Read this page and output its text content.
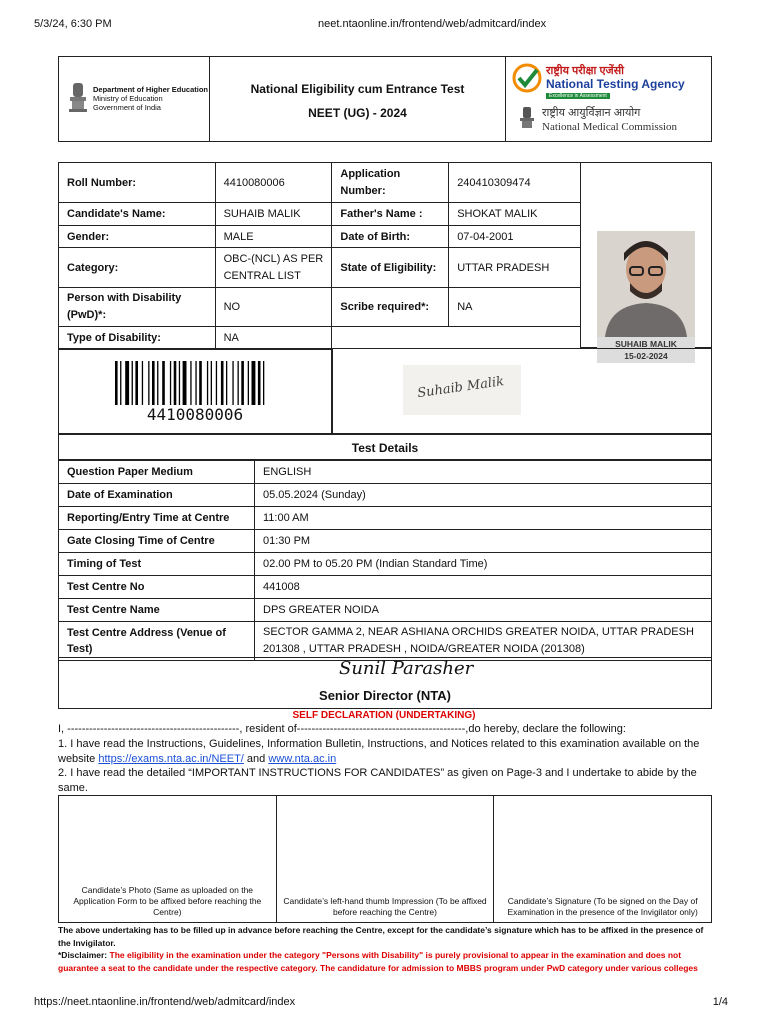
5/3/24, 6:30 PM	neet.ntaonline.in/frontend/web/admitcard/index
https://neet.ntaonline.in/frontend/web/admitcard/index	1/4
Department of Higher Education
Ministry of Education
Government of India
National Eligibility cum Entrance Test
NEET (UG) - 2024
राष्ट्रीय परीक्षा एजेंसी
National Testing Agency
Excellence in Assessment
राष्ट्रीय आयुर्विज्ञान आयोग
National Medical Commission
Roll Number:	4410080006	Application Number:	240410309474
Candidate's Name:	SUHAIB MALIK	Father's Name :	SHOKAT MALIK
Gender:	MALE	Date of Birth:	07-04-2001
Category:	OBC-(NCL) AS PER CENTRAL LIST	State of Eligibility:	UTTAR PRADESH
Person with Disability (PwD)*:	NO	Scribe required*:	NA
Type of Disability:	NA			SUHAIB MALIK
15-02-2024
4410080006
Suhaib Malik
Test Details
Question Paper Medium	ENGLISH
Date of Examination	05.05.2024 (Sunday)
Reporting/Entry Time at Centre	11:00 AM
Gate Closing Time of Centre	01:30 PM
Timing of Test	02.00 PM to 05.20 PM (Indian Standard Time)
Test Centre No	441008
Test Centre Name	DPS GREATER NOIDA
Test Centre Address (Venue of Test)	SECTOR GAMMA 2, NEAR ASHIANA ORCHIDS GREATER NOIDA, UTTAR PRADESH 201308 , UTTAR PRADESH , NOIDA/GREATER NOIDA (201308)
Sunil Parasher
Senior Director (NTA)
SELF DECLARATION (UNDERTAKING)
I, -----------------------------------------------, resident of----------------------------------------------,do hereby, declare the following:
1. I have read the Instructions, Guidelines, Information Bulletin, Instructions, and Notices related to this examination available on the website https://exams.nta.ac.in/NEET/ and www.nta.ac.in
2. I have read the detailed “IMPORTANT INSTRUCTIONS FOR CANDIDATES” as given on Page-3 and I undertake to abide by the same.
Candidate’s Photo (Same as uploaded on the Application Form to be affixed before reaching the Centre)
Candidate’s left-hand thumb Impression (To be affixed before reaching the Centre)
Candidate’s Signature (To be signed on the Day of Examination in the presence of the Invigilator only)
The above undertaking has to be filled up in advance before reaching the Centre, except for the candidate’s signature which has to be affixed in the presence of the Invigilator.
*Disclaimer: The eligibility in the examination under the category "Persons with Disability" is purely provisional to appear in the examination and does not guarantee a seat to the candidate under the respective category. The candidature for admission to MBBS program under PwD category under various colleges
